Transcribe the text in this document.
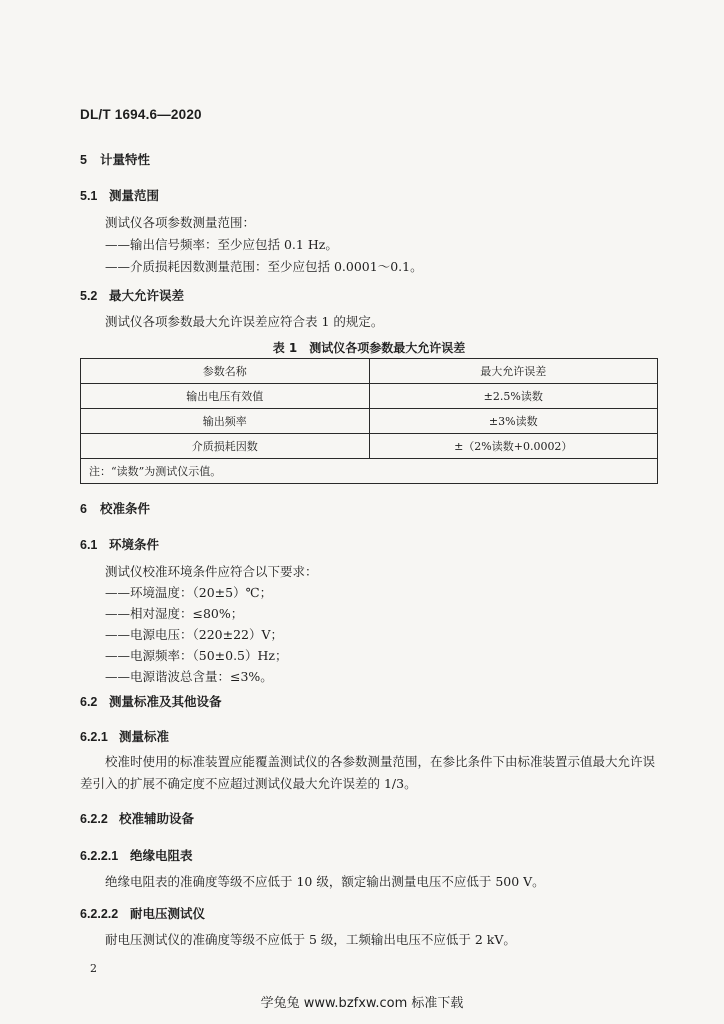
DL/T 1694.6—2020
5 计量特性
5.1 测量范围
测试仪各项参数测量范围：
——输出信号频率：至少应包括 0.1 Hz。
——介质损耗因数测量范围：至少应包括 0.0001～0.1。
5.2 最大允许误差
测试仪各项参数最大允许误差应符合表 1 的规定。
表 1　测试仪各项参数最大允许误差
参数名称	最大允许误差
输出电压有效值	±2.5%读数
输出频率	±3%读数
介质损耗因数	±（2%读数+0.0002）
注：“读数”为测试仪示值。	
6 校准条件
6.1 环境条件
测试仪校准环境条件应符合以下要求：
——环境温度：（20±5）℃；
——相对湿度：≤80%；
——电源电压：（220±22）V；
——电源频率：（50±0.5）Hz；
——电源谐波总含量：≤3%。
6.2 测量标准及其他设备
6.2.1 测量标准
校准时使用的标准装置应能覆盖测试仪的各参数测量范围，在参比条件下由标准装置示值最大允许误差引入的扩展不确定度不应超过测试仪最大允许误差的 1/3。
6.2.2 校准辅助设备
6.2.2.1 绝缘电阻表
绝缘电阻表的准确度等级不应低于 10 级，额定输出测量电压不应低于 500 V。
6.2.2.2 耐电压测试仪
耐电压测试仪的准确度等级不应低于 5 级，工频输出电压不应低于 2 kV。
2
学兔兔 www.bzfxw.com 标准下载
